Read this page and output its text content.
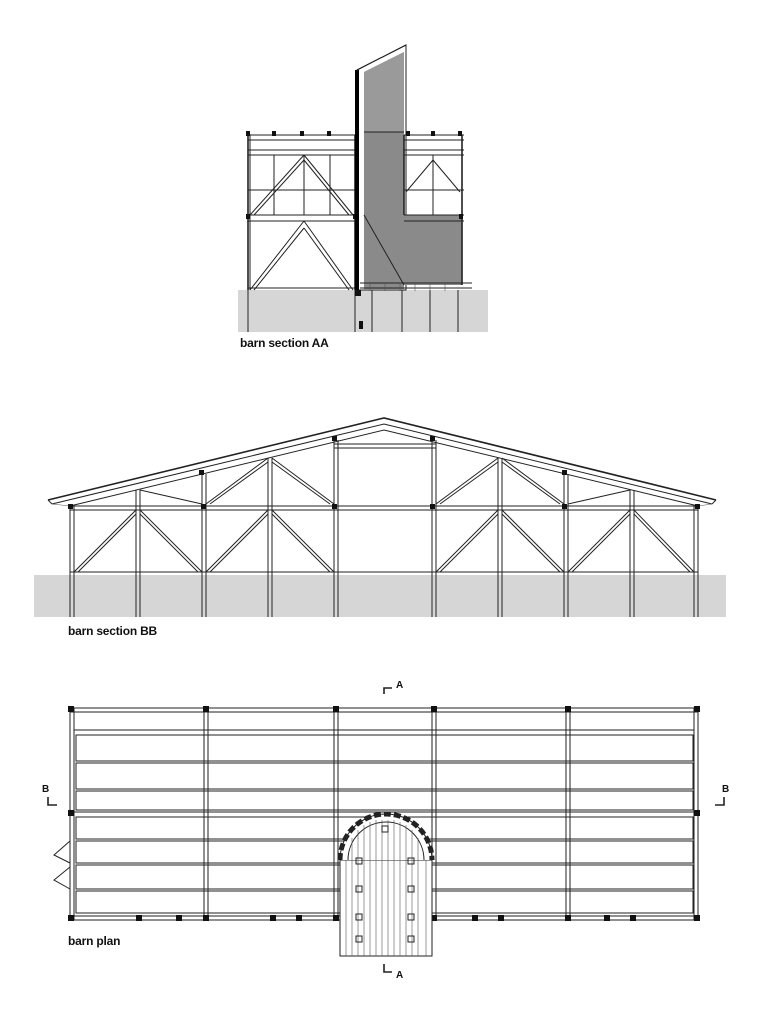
barn section AA
barn section BB
A
A
B	B
barn plan
